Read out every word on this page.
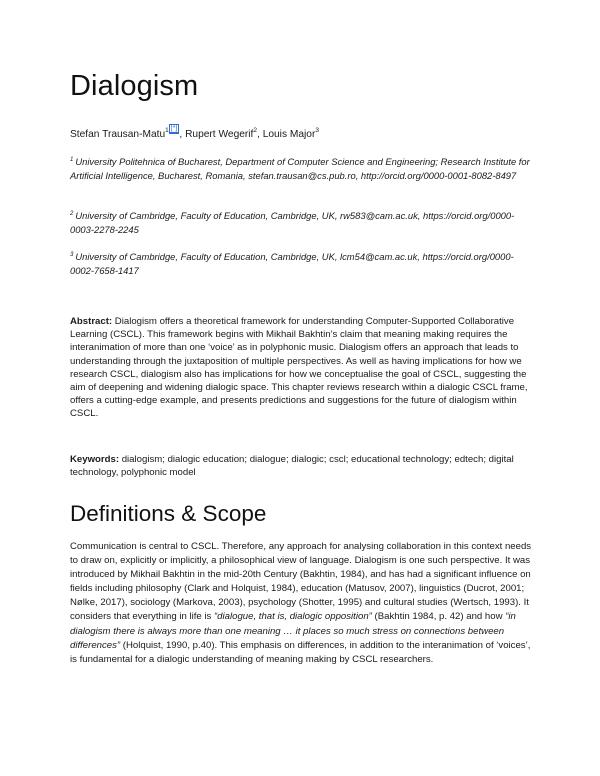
Dialogism
Stefan Trausan-Matu$^1$ [*], Rupert Wegerif$^2$, Louis Major$^3$
$^1$ University Politehnica of Bucharest, Department of Computer Science and Engineering; Research Institute for Artificial Intelligence, Bucharest, Romania, stefan.trausan@cs.pub.ro, http://orcid.org/0000-0001-8082-8497
$^2$ University of Cambridge, Faculty of Education, Cambridge, UK, rw583@cam.ac.uk, https://orcid.org/0000-0003-2278-2245
$^3$ University of Cambridge, Faculty of Education, Cambridge, UK, lcm54@cam.ac.uk, https://orcid.org/0000-0002-7658-1417

Abstract: Dialogism offers a theoretical framework for understanding Computer-Supported Collaborative Learning (CSCL). This framework begins with Mikhail Bakhtin’s claim that meaning making requires the interanimation of more than one ‘voice’ as in polyphonic music. Dialogism offers an approach that leads to understanding through the juxtaposition of multiple perspectives. As well as having implications for how we research CSCL, dialogism also has implications for how we conceptualise the goal of CSCL, suggesting the aim of deepening and widening dialogic space. This chapter reviews research within a dialogic CSCL frame, offers a cutting-edge example, and presents predictions and suggestions for the future of dialogism within CSCL.

Keywords: dialogism; dialogic education; dialogue; dialogic; cscl; educational technology; edtech; digital technology, polyphonic model

Definitions & Scope

Communication is central to CSCL. Therefore, any approach for analysing collaboration in this context needs to draw on, explicitly or implicitly, a philosophical view of language. Dialogism is one such perspective. It was introduced by Mikhail Bakhtin in the mid-20th Century (Bakhtin, 1984), and has had a significant influence on fields including philosophy (Clark and Holquist, 1984), education (Matusov, 2007), linguistics (Ducrot, 2001; Nølke, 2017), sociology (Markova, 2003), psychology (Shotter, 1995) and cultural studies (Wertsch, 1993). It considers that everything in life is “dialogue, that is, dialogic opposition” (Bakhtin 1984, p. 42) and how “in dialogism there is always more than one meaning … it places so much stress on connections between differences” (Holquist, 1990, p.40). This emphasis on differences, in addition to the interanimation of ‘voices’, is fundamental for a dialogic understanding of meaning making by CSCL researchers.
